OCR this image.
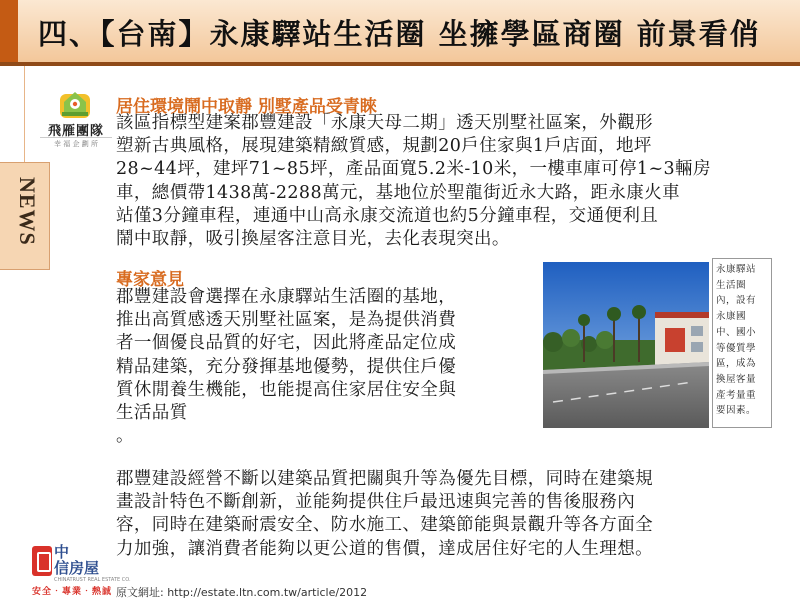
四、【台南】永康驛站生活圈 坐擁學區商圈 前景看俏
飛雁團隊
幸 福 企 劃 所
NEWS
居住環境鬧中取靜 別墅產品受青睞
該區指標型建案郡豐建設「永康天母二期」透天別墅社區案，外觀形
塑新古典風格，展現建築精緻質感，規劃20戶住家與1戶店面，地坪
28~44坪，建坪71~85坪，產品面寬5.2米-10米，一樓車庫可停1~3輛房
車，總價帶1438萬-2288萬元，基地位於聖龍街近永大路，距永康火車
站僅3分鐘車程，連通中山高永康交流道也約5分鐘車程，交通便利且
鬧中取靜，吸引換屋客注意目光，去化表現突出。
專家意見
郡豐建設會選擇在永康驛站生活圈的基地，
推出高質感透天別墅社區案，是為提供消費
者一個優良品質的好宅，因此將產品定位成
精品建築，充分發揮基地優勢，提供住戶優
質休閒養生機能，也能提高住家居住安全與
生活品質
。
永康驛站
生活圈
內，設有
永康國
中、國小
等優質學
區，成為
換屋客量
產考量重
要因素。
郡豐建設經營不斷以建築品質把關與升等為優先目標，同時在建築規
畫設計特色不斷創新，並能夠提供住戶最迅速與完善的售後服務內
容，同時在建築耐震安全、防水施工、建築節能與景觀升等各方面全
力加強，讓消費者能夠以更公道的售價，達成居住好宅的人生理想。
中
信房屋
CHINATRUST REAL ESTATE CO.
安全‧專業‧熱誠 原文網址: http://estate.ltn.com.tw/article/2012
